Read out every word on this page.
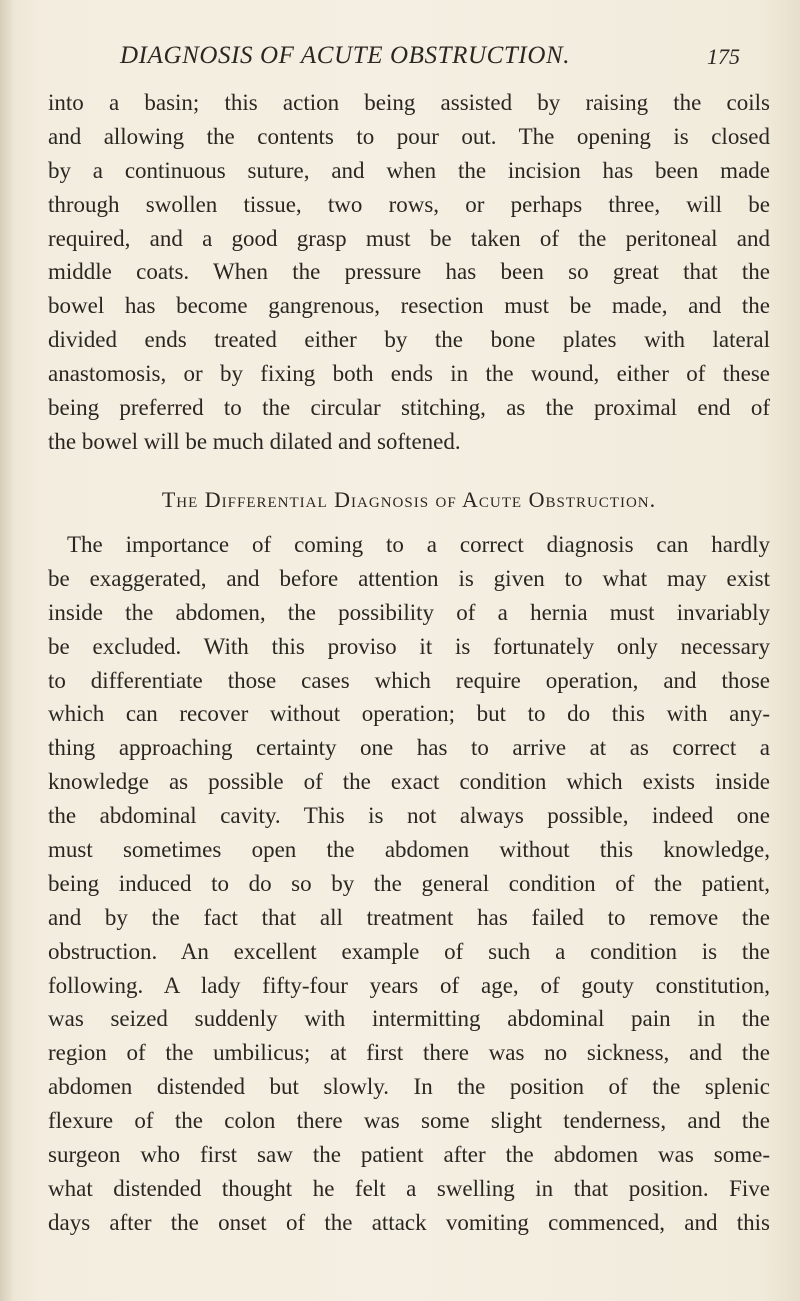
DIAGNOSIS OF ACUTE OBSTRUCTION.	175
into a basin; this action being assisted by raising the coils
and allowing the contents to pour out. The opening is closed
by a continuous suture, and when the incision has been made
through swollen tissue, two rows, or perhaps three, will be
required, and a good grasp must be taken of the peritoneal and
middle coats. When the pressure has been so great that the
bowel has become gangrenous, resection must be made, and the
divided ends treated either by the bone plates with lateral
anastomosis, or by fixing both ends in the wound, either of these
being preferred to the circular stitching, as the proximal end of
the bowel will be much dilated and softened.
The Differential Diagnosis of Acute Obstruction.
The importance of coming to a correct diagnosis can hardly
be exaggerated, and before attention is given to what may exist
inside the abdomen, the possibility of a hernia must invariably
be excluded. With this proviso it is fortunately only necessary
to differentiate those cases which require operation, and those
which can recover without operation; but to do this with any-
thing approaching certainty one has to arrive at as correct a
knowledge as possible of the exact condition which exists inside
the abdominal cavity. This is not always possible, indeed one
must sometimes open the abdomen without this knowledge,
being induced to do so by the general condition of the patient,
and by the fact that all treatment has failed to remove the
obstruction. An excellent example of such a condition is the
following. A lady fifty-four years of age, of gouty constitution,
was seized suddenly with intermitting abdominal pain in the
region of the umbilicus; at first there was no sickness, and the
abdomen distended but slowly. In the position of the splenic
flexure of the colon there was some slight tenderness, and the
surgeon who first saw the patient after the abdomen was some-
what distended thought he felt a swelling in that position. Five
days after the onset of the attack vomiting commenced, and this
